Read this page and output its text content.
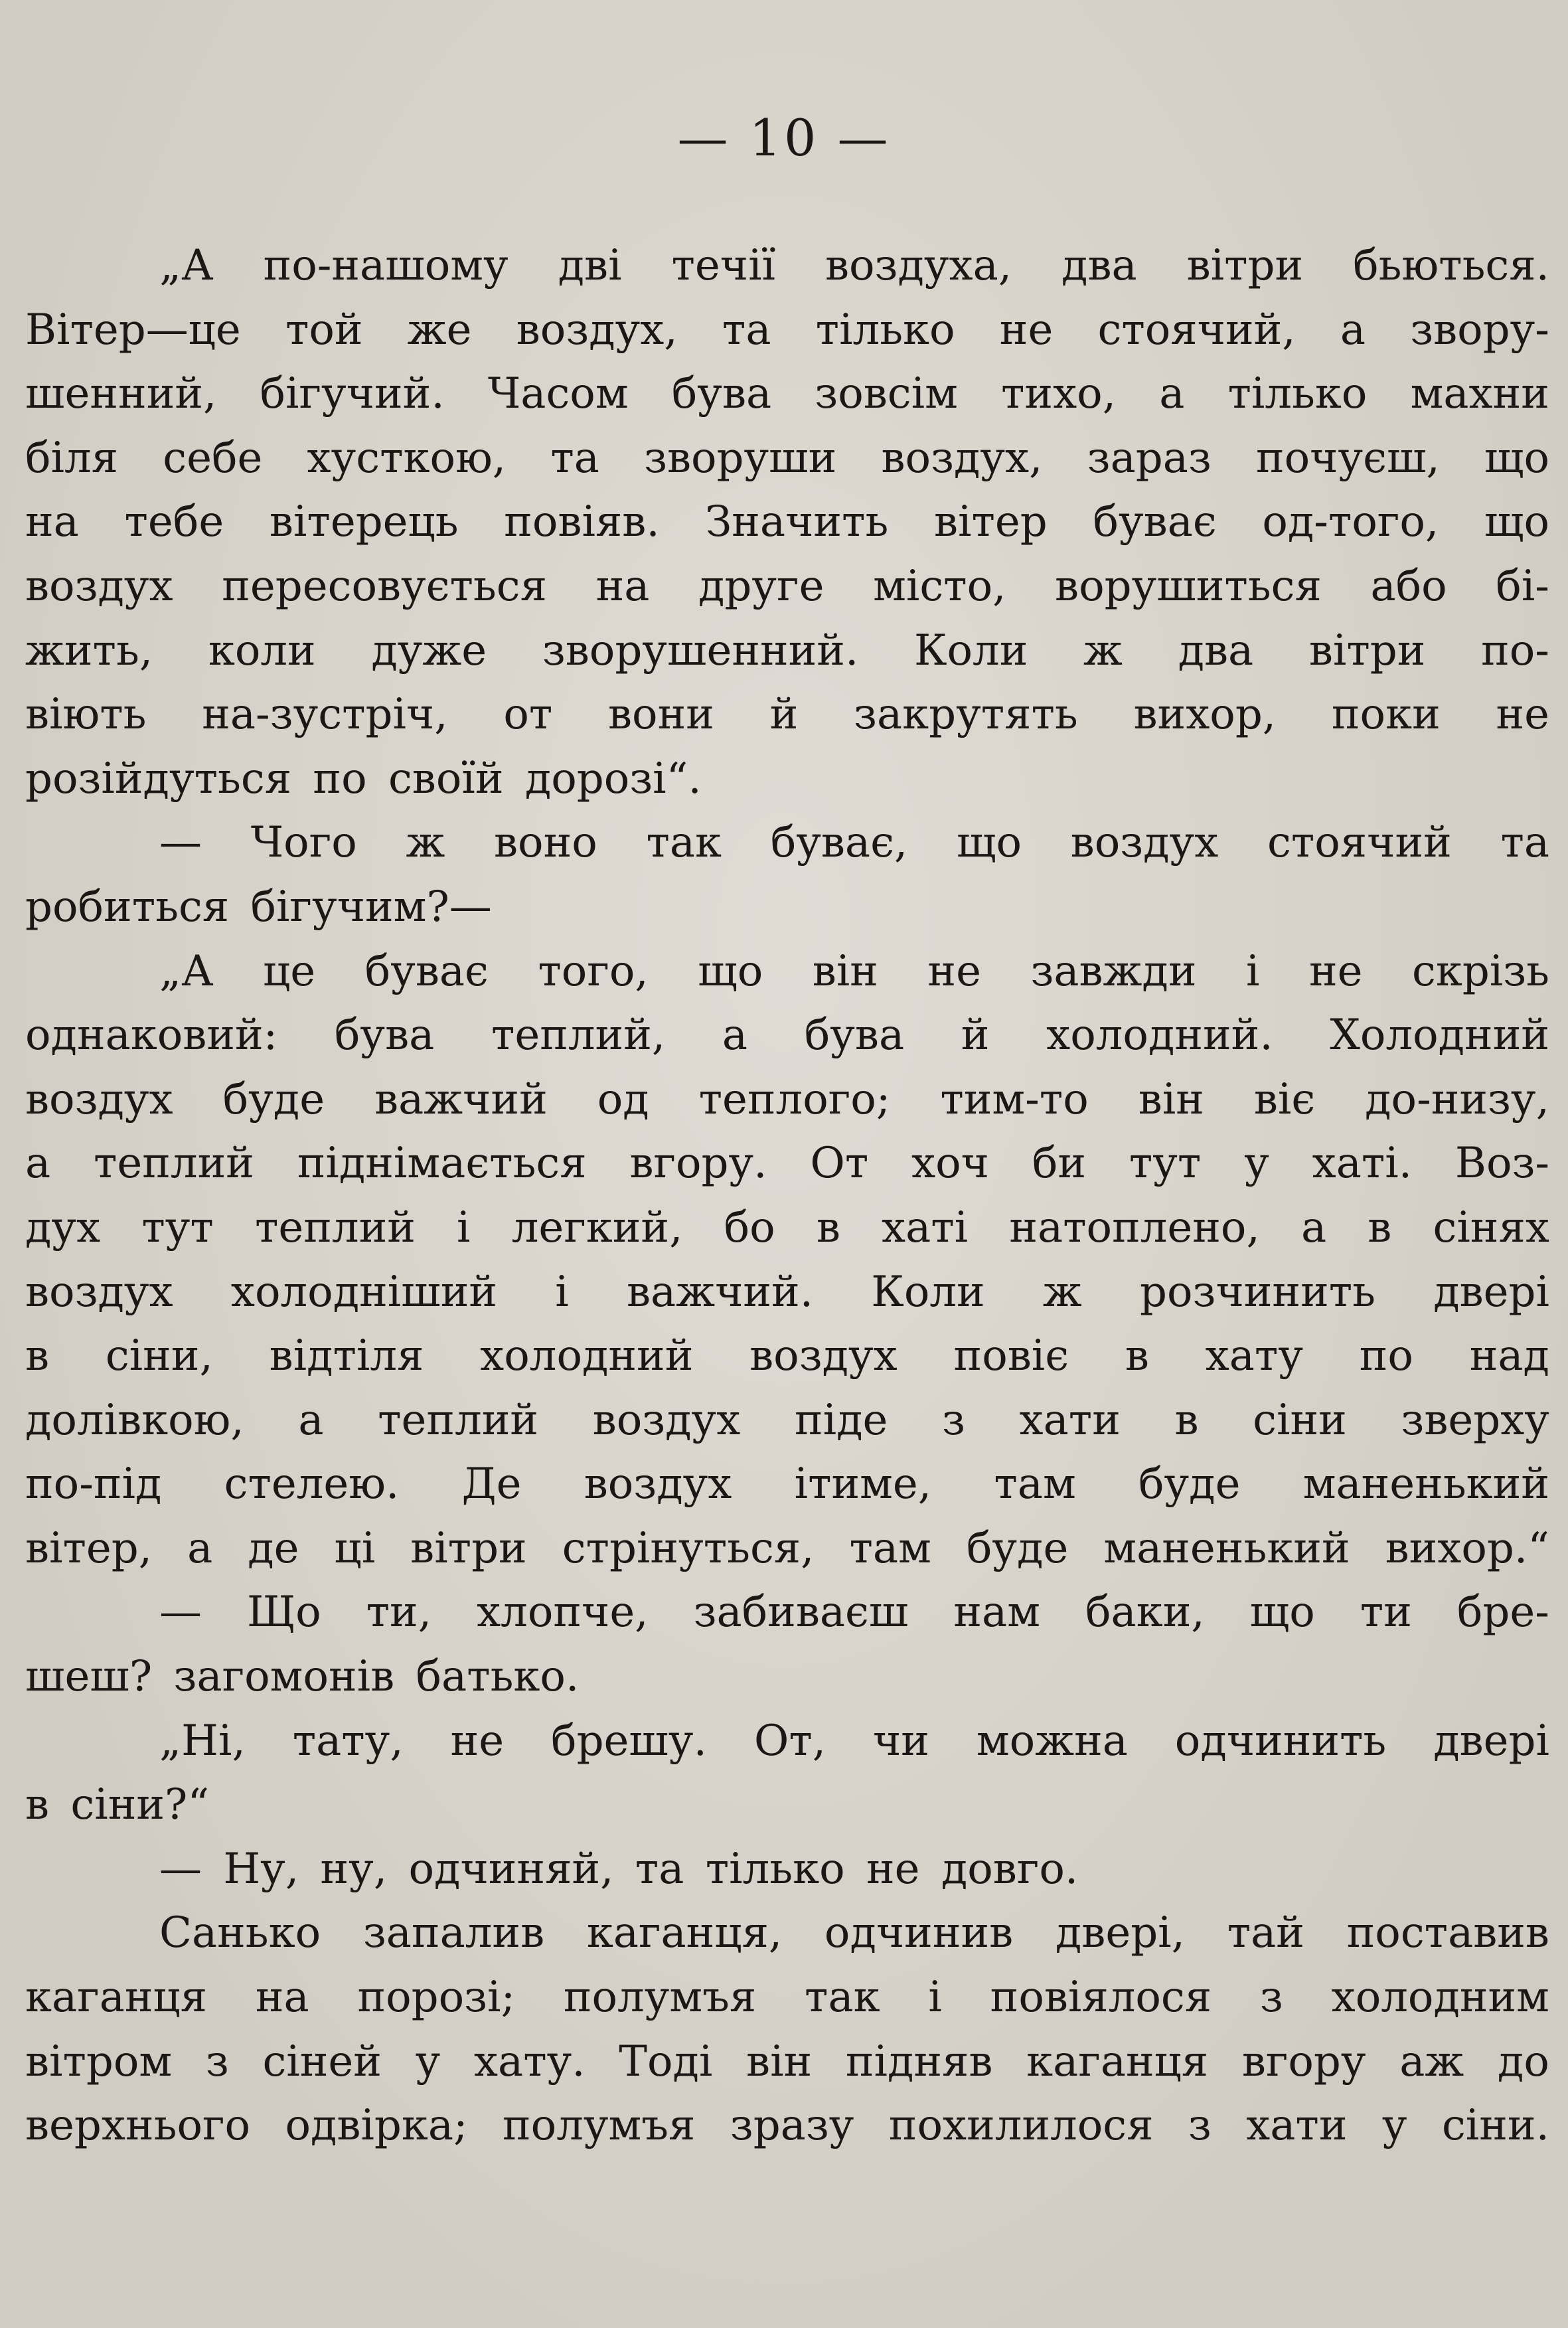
— 10 —
„А по-нашому дві течії воздуха, два вітри бьються.
Вітер—це той же воздух, та тілько не стоячий, а звору-
шенний, бігучий. Часом бува зовсім тихо, а тілько махни
біля себе хусткою, та зворуши воздух, зараз почуєш, що
на тебе вітерець повіяв. Значить вітер буває од-того, що
воздух пересовується на друге місто, ворушиться або бі-
жить, коли дуже зворушенний. Коли ж два вітри по-
віють на-зустріч, от вони й закрутять вихор, поки не
розійдуться по своїй дорозі“.
— Чого ж воно так буває, що воздух стоячий та
робиться бігучим?—
„А це буває того, що він не завжди і не скрізь
однаковий: бува теплий, а бува й холодний. Холодний
воздух буде важчий од теплого; тим-то він віє до-низу,
а теплий піднімається вгору. От хоч би тут у хаті. Воз-
дух тут теплий і легкий, бо в хаті натоплено, а в сінях
воздух холодніший і важчий. Коли ж розчинить двері
в сіни, відтіля холодний воздух повіє в хату по над
долівкою, а теплий воздух піде з хати в сіни зверху
по-під стелею. Де воздух ітиме, там буде маненький
вітер, а де ці вітри стрінуться, там буде маненький вихор.“
— Що ти, хлопче, забиваєш нам баки, що ти бре-
шеш? загомонів батько.
„Ні, тату, не брешу. От, чи можна одчинить двері
в сіни?“
— Ну, ну, одчиняй, та тілько не довго.
Санько запалив каганця, одчинив двері, тай поставив
каганця на порозі; полумъя так і повіялося з холодним
вітром з сіней у хату. Тоді він підняв каганця вгору аж до
верхнього одвірка; полумъя зразу похилилося з хати у сіни.
